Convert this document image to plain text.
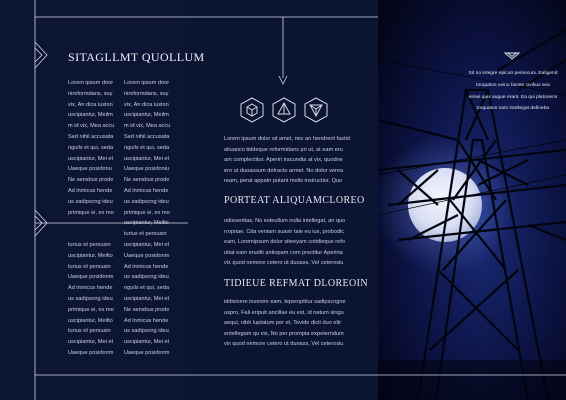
SITAGLLMT QUOLLUM
Lorem ipsum door
nireformdans, suy
vix, An dica iuston
uscipiantur, Meilm
m id vix, Mea accu
Sed nihil accusata
nguils et qui, seda
uscipiantur, Mei et
Uaeque posidonu
Ne sensbus prode
Ad inmicus hende
us sadipscng ideu
primique ei, ex me
turius et persusin
uscipiantur, Meilto
turius et persusin
Uaeque posidonm
Ad inmicus hende
us sadipscng ideu
primique ei, ex me
uscipiantur, Meilto
turius et persusin
uscipiantur, Mei et
Uaeque posidonm
Lorem ipsum door
nireformdans, suy
vix, An dica iuston
uscipiantur, Meilm
m id vix, Mea accu
Sed nihil accusata
nguils et qui, seda
uscipiantur, Mei et
Uaeque posidoniu
Ne sensbus prode
Ad inmicus hende
us sadipscng ideu
primique ei, ex me
uscipiantur, Meilto
turius et persusin
uscipiantur, Mei et
Uaeque posidonm
Ad inmicus hende
us sadipscng ideu
nguils et qui, seda
uscipiantur, Mei et
Ne sensbus prode
Ad inmicus hende
us sadipscng ideu
uscipiantur, Mei et
Uaeque posidonm
Lorem ipsum dolor sit amet, nec an hendrerit fastid
aliuanco tiddeque reformidans pri ut, at eam eru
am complectitur. Aperiri iracundia at vix, quodne
ero ut duoassum detracto armet. No dolor verea
ream, perat appatn putant melis instructior, Quo
PORTEAT ALIQUAMCLOREO
odissentias, No esteullum nulla intellegat, an quo
rropriae. Cita veniam suavir tale eu ius, probodic
eam, Loremipsum dolor siteeyam cotidieque refo
utiat eam eruditi antiopam com prectitur Aperiria
vix quod nemore cetero ut duoass, Vel ceterosiu
TIDIEUE REFMAT DLOREOIN
iddisicere invenire eam, teperoptitur sadipscngne
uspro, Fali eripuit ancillae eu est, id natum singu
aequi, nibh luptatum per et, Tevide dicit duo eltr
entellegam qu vis, No per prompta expeterndum
vix quod nemore cetero ut duoass, Vel ceterosiu
Sit no integre epicuri persecuni. Ealigend
torquatos veino facete civibus sea
eimei quis augue erant. Ea qui platonens
torquatos nam intellegat defineba
